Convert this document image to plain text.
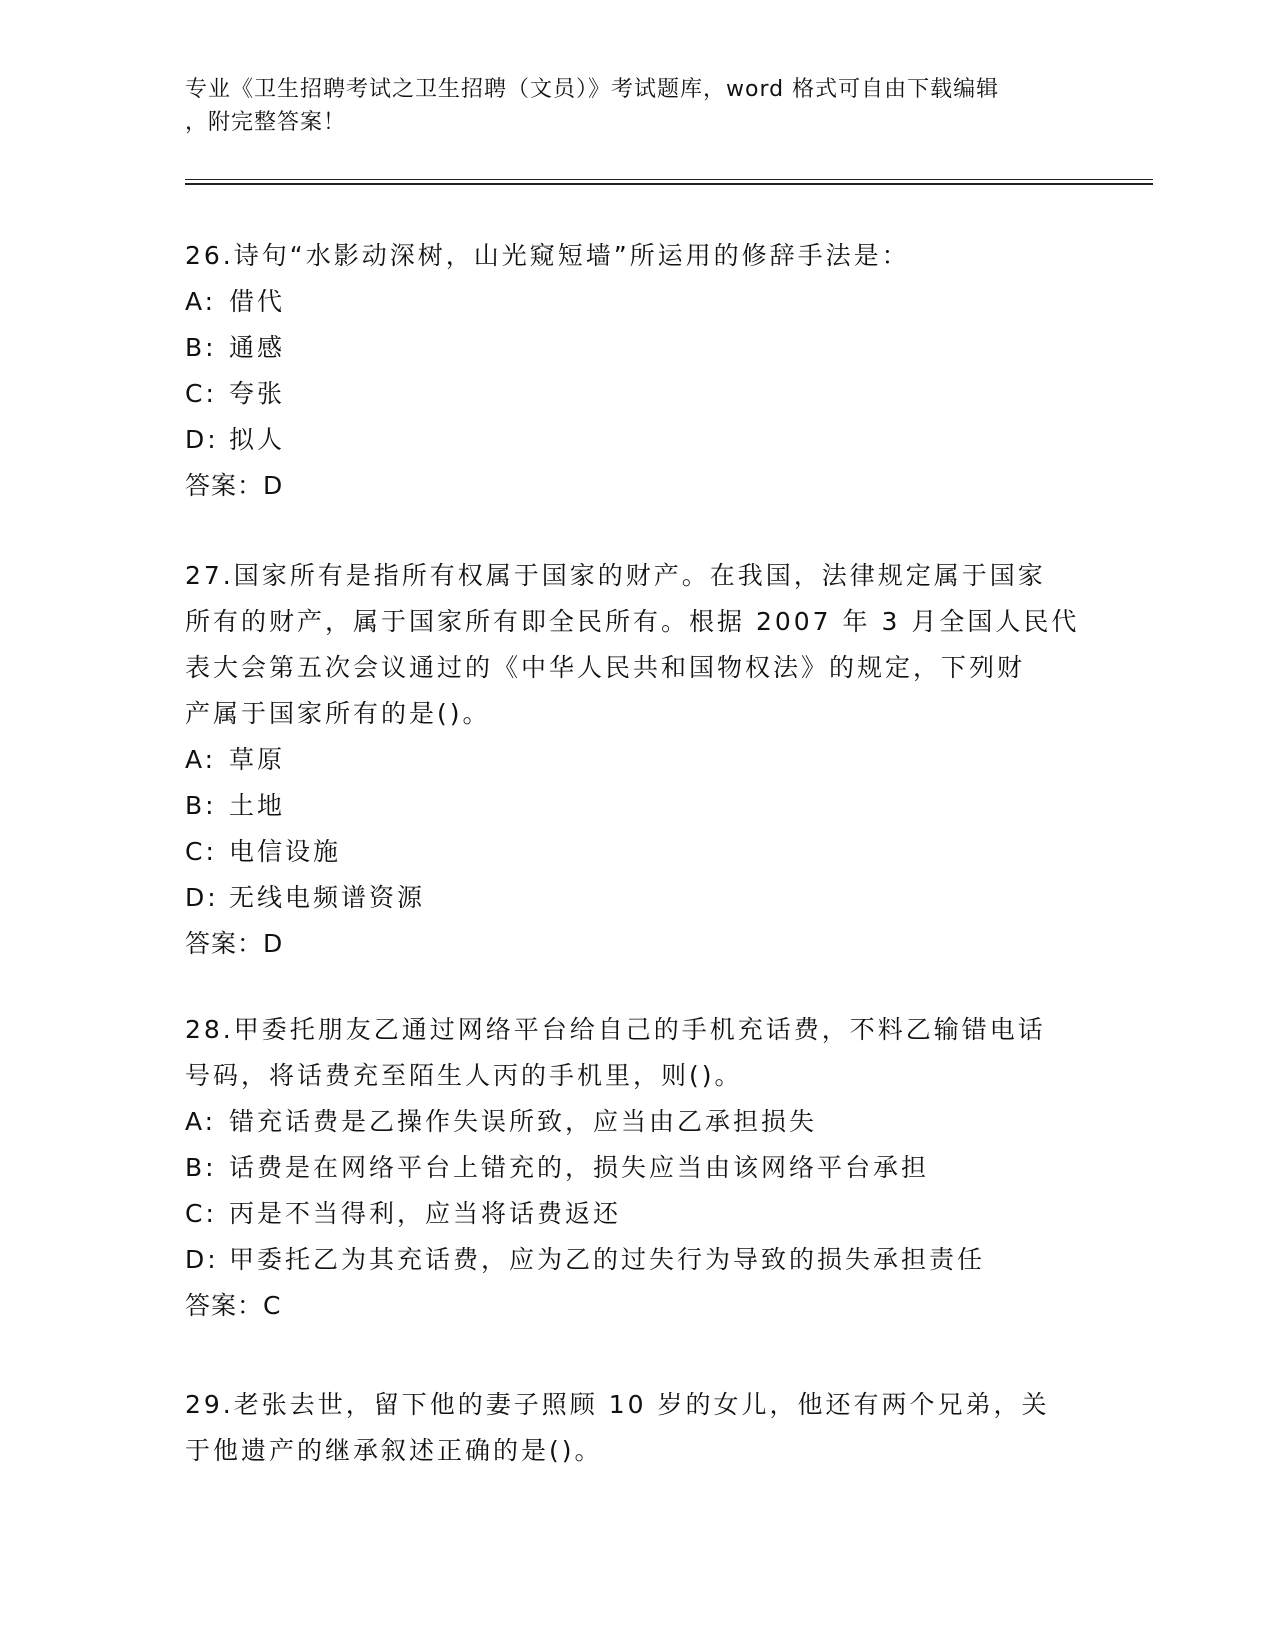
专业《卫生招聘考试之卫生招聘（文员）》考试题库，word 格式可自由下载编辑
，附完整答案！
26.诗句“水影动深树，山光窥短墙”所运用的修辞手法是：
A: 借代
B: 通感
C: 夸张
D: 拟人
答案：D
27.国家所有是指所有权属于国家的财产。在我国，法律规定属于国家
所有的财产，属于国家所有即全民所有。根据 2007 年 3 月全国人民代
表大会第五次会议通过的《中华人民共和国物权法》的规定，下列财
产属于国家所有的是()。
A: 草原
B: 土地
C: 电信设施
D: 无线电频谱资源
答案：D
28.甲委托朋友乙通过网络平台给自己的手机充话费，不料乙输错电话
号码，将话费充至陌生人丙的手机里，则()。
A: 错充话费是乙操作失误所致，应当由乙承担损失
B: 话费是在网络平台上错充的，损失应当由该网络平台承担
C: 丙是不当得利，应当将话费返还
D: 甲委托乙为其充话费，应为乙的过失行为导致的损失承担责任
答案：C
29.老张去世，留下他的妻子照顾 10 岁的女儿，他还有两个兄弟，关
于他遗产的继承叙述正确的是()。
